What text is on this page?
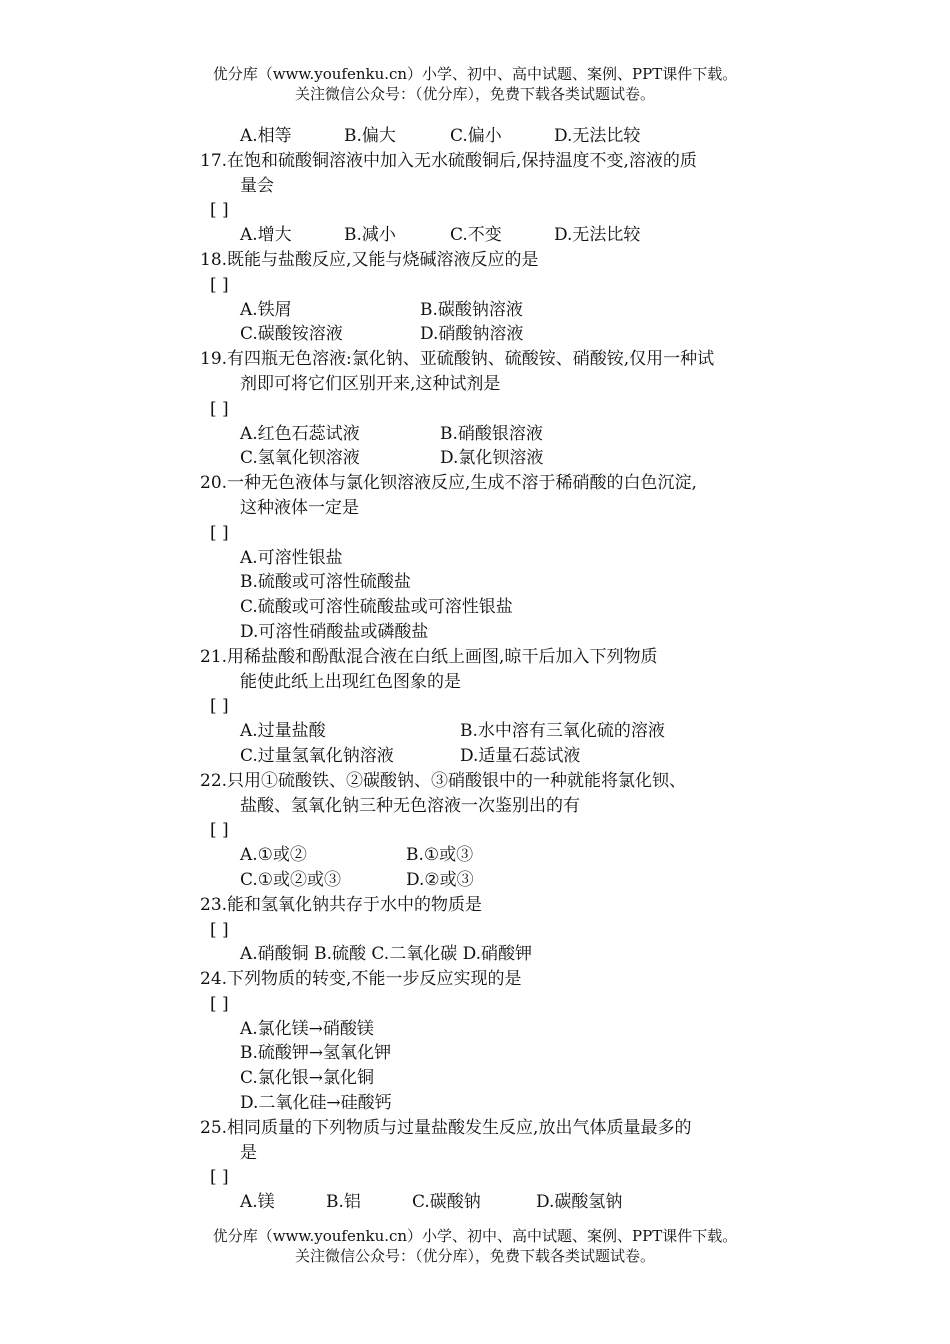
优分库（www.youfenku.cn）小学、初中、高中试题、案例、PPT课件下载。
关注微信公众号：（优分库），免费下载各类试题试卷。
A.相等	B.偏大	C.偏小	D.无法比较
17.在饱和硫酸铜溶液中加入无水硫酸铜后,保持温度不变,溶液的质
量会
[ ]
A.增大	B.减小	C.不变	D.无法比较
18.既能与盐酸反应,又能与烧碱溶液反应的是
[ ]
A.铁屑	B.碳酸钠溶液
C.碳酸铵溶液	D.硝酸钠溶液
19.有四瓶无色溶液:氯化钠、亚硫酸钠、硫酸铵、硝酸铵,仅用一种试
剂即可将它们区别开来,这种试剂是
[ ]
A.红色石蕊试液	B.硝酸银溶液
C.氢氧化钡溶液	D.氯化钡溶液
20.一种无色液体与氯化钡溶液反应,生成不溶于稀硝酸的白色沉淀,
这种液体一定是
[ ]
A.可溶性银盐
B.硫酸或可溶性硫酸盐
C.硫酸或可溶性硫酸盐或可溶性银盐
D.可溶性硝酸盐或磷酸盐
21.用稀盐酸和酚酞混合液在白纸上画图,晾干后加入下列物质
能使此纸上出现红色图象的是
[ ]
A.过量盐酸	B.水中溶有三氧化硫的溶液
C.过量氢氧化钠溶液	D.适量石蕊试液
22.只用①硫酸铁、②碳酸钠、③硝酸银中的一种就能将氯化钡、
盐酸、氢氧化钠三种无色溶液一次鉴别出的有
[ ]
A.①或②	B.①或③
C.①或②或③	D.②或③
23.能和氢氧化钠共存于水中的物质是
[ ]
A.硝酸铜 B.硫酸 C.二氧化碳 D.硝酸钾
24.下列物质的转变,不能一步反应实现的是
[ ]
A.氯化镁→硝酸镁
B.硫酸钾→氢氧化钾
C.氯化银→氯化铜
D.二氧化硅→硅酸钙
25.相同质量的下列物质与过量盐酸发生反应,放出气体质量最多的
是
[ ]
A.镁	B.铝	C.碳酸钠	D.碳酸氢钠
优分库（www.youfenku.cn）小学、初中、高中试题、案例、PPT课件下载。
关注微信公众号：（优分库），免费下载各类试题试卷。
